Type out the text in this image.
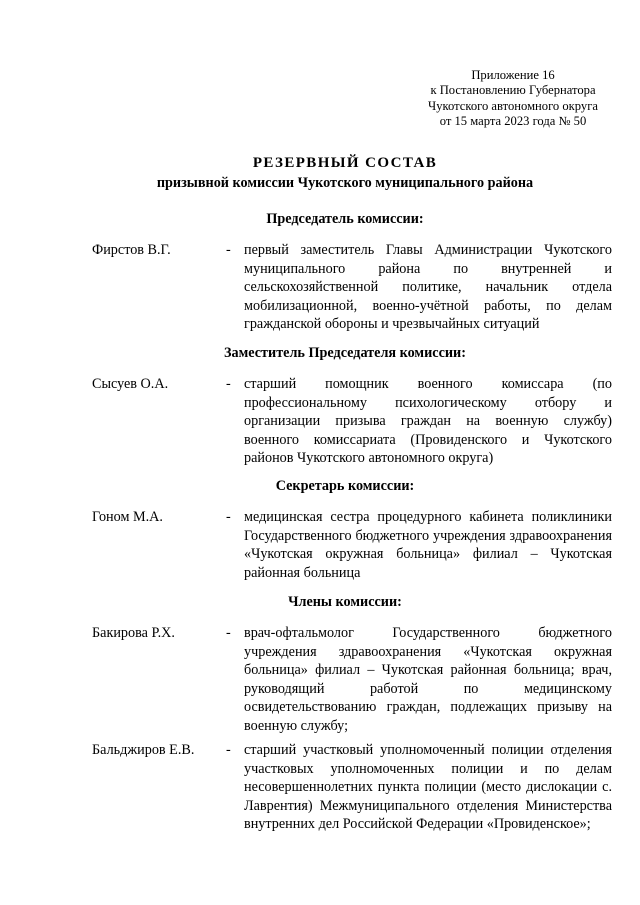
Приложение 16
к Постановлению Губернатора
Чукотского автономного округа
от 15 марта 2023 года № 50
РЕЗЕРВНЫЙ СОСТАВ
призывной комиссии Чукотского муниципального района
Председатель комиссии:
Фирстов В.Г.	- первый заместитель Главы Администрации Чукотского муниципального района по внутренней и сельскохозяйственной политике, начальник отдела мобилизационной, военно-учётной работы, по делам гражданской обороны и чрезвычайных ситуаций
Заместитель Председателя комиссии:
Сысуев О.А.	- старший помощник военного комиссара (по профессиональному психологическому отбору и организации призыва граждан на военную службу) военного комиссариата (Провиденского и Чукотского районов Чукотского автономного округа)
Секретарь комиссии:
Гоном М.А.	- медицинская сестра процедурного кабинета поликлиники Государственного бюджетного учреждения здравоохранения «Чукотская окружная больница» филиал – Чукотская районная больница
Члены комиссии:
Бакирова Р.Х.	- врач-офтальмолог Государственного бюджетного учреждения здравоохранения «Чукотская окружная больница» филиал – Чукотская районная больница; врач, руководящий работой по медицинскому освидетельствованию граждан, подлежащих призыву на военную службу;
Бальджиров Е.В. - старший участковый уполномоченный полиции отделения участковых уполномоченных полиции и по делам несовершеннолетних пункта полиции (место дислокации с. Лаврентия) Межмуниципального отделения Министерства внутренних дел Российской Федерации «Провиденское»;
